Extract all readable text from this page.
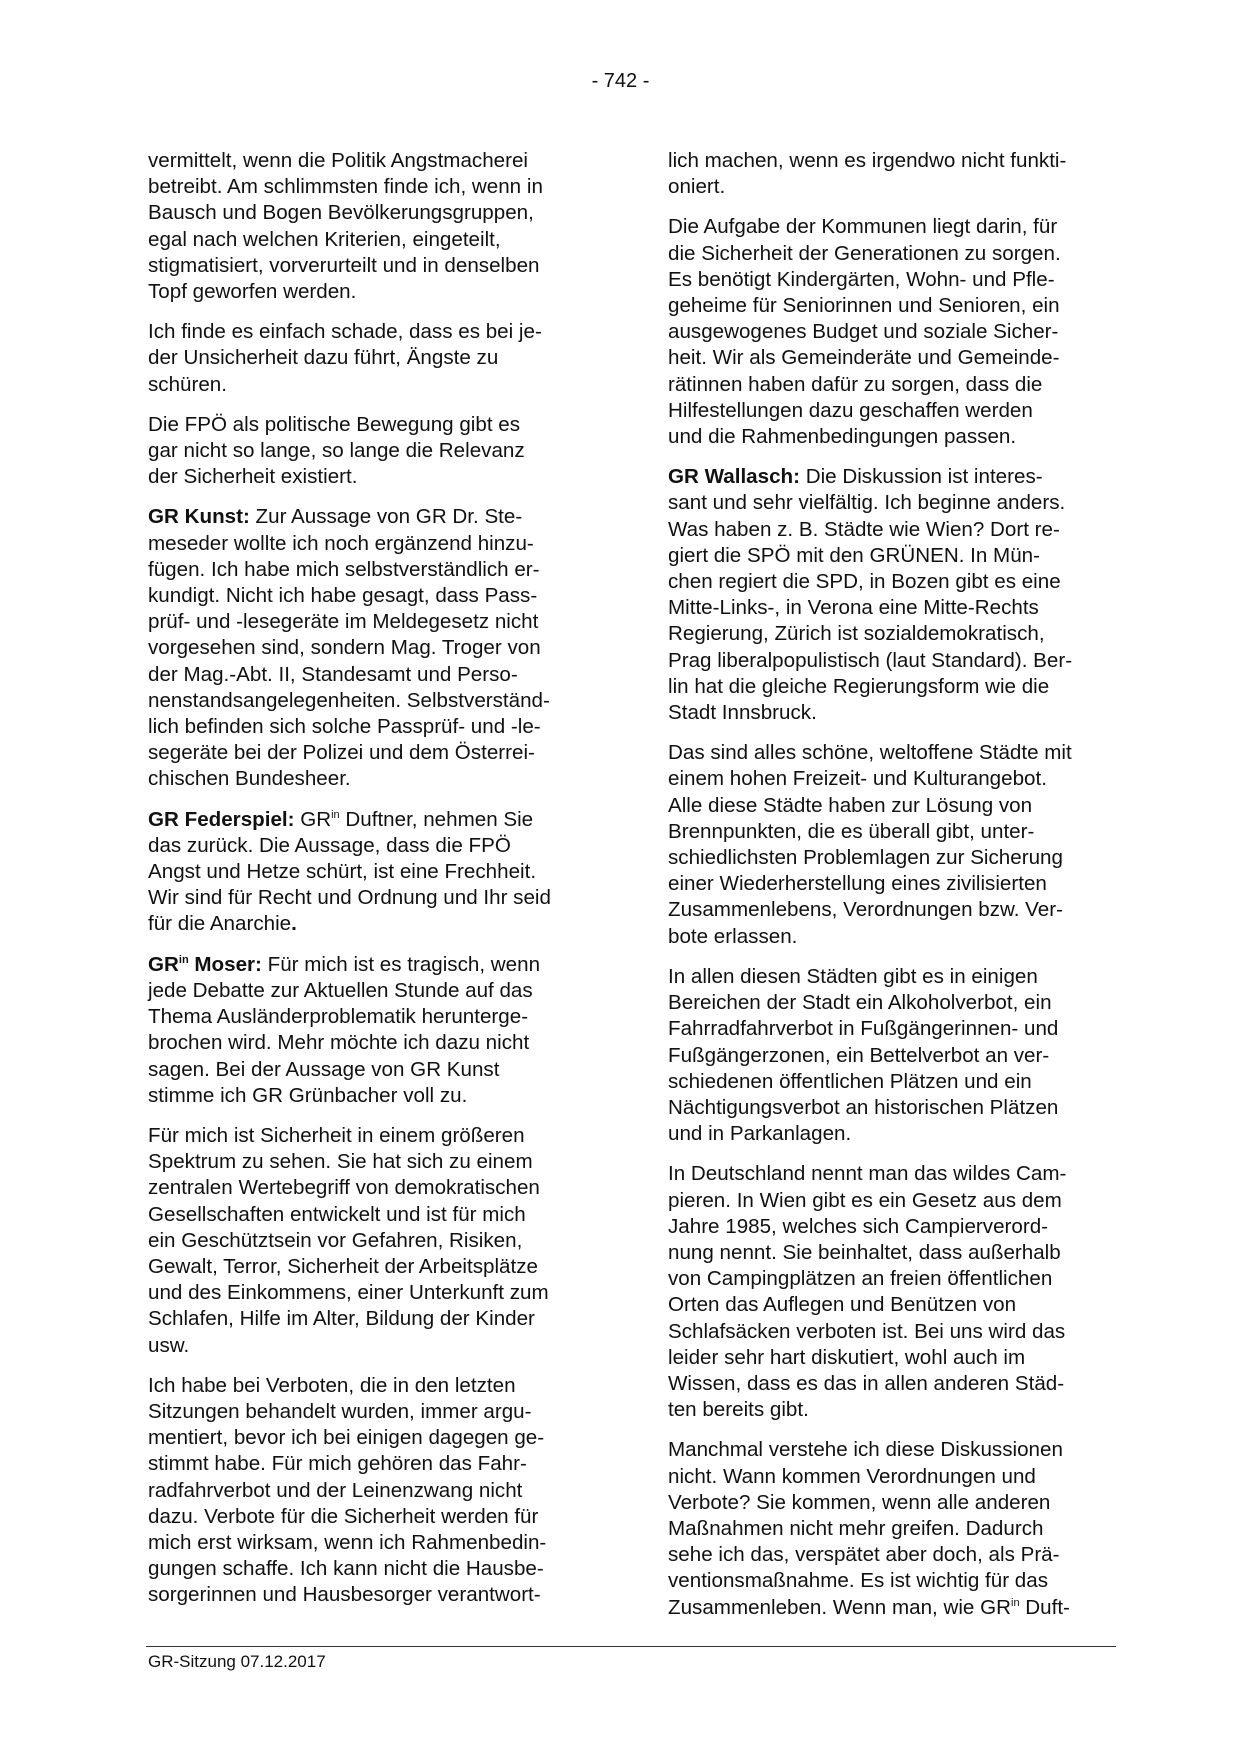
- 742 -

vermittelt, wenn die Politik Angstmacherei
betreibt. Am schlimmsten finde ich, wenn in
Bausch und Bogen Bevölkerungsgruppen,
egal nach welchen Kriterien, eingeteilt,
stigmatisiert, vorverurteilt und in denselben
Topf geworfen werden.

Ich finde es einfach schade, dass es bei je-
der Unsicherheit dazu führt, Ängste zu
schüren.

Die FPÖ als politische Bewegung gibt es
gar nicht so lange, so lange die Relevanz
der Sicherheit existiert.

GR Kunst: Zur Aussage von GR Dr. Ste-
meseder wollte ich noch ergänzend hinzu-
fügen. Ich habe mich selbstverständlich er-
kundigt. Nicht ich habe gesagt, dass Pass-
prüf- und -lesegeräte im Meldegesetz nicht
vorgesehen sind, sondern Mag. Troger von
der Mag.-Abt. II, Standesamt und Perso-
nenstandsangelegenheiten. Selbstverständ-
lich befinden sich solche Passprüf- und -le-
segeräte bei der Polizei und dem Österrei-
chischen Bundesheer.

GR Federspiel: $GR^{in}$ Duftner, nehmen Sie
das zurück. Die Aussage, dass die FPÖ
Angst und Hetze schürt, ist eine Frechheit.
Wir sind für Recht und Ordnung und Ihr seid
für die Anarchie.

$GR^{in}$ Moser: Für mich ist es tragisch, wenn
jede Debatte zur Aktuellen Stunde auf das
Thema Ausländerproblematik herunterge-
brochen wird. Mehr möchte ich dazu nicht
sagen. Bei der Aussage von GR Kunst
stimme ich GR Grünbacher voll zu.

Für mich ist Sicherheit in einem größeren
Spektrum zu sehen. Sie hat sich zu einem
zentralen Wertebegriff von demokratischen
Gesellschaften entwickelt und ist für mich
ein Geschütztsein vor Gefahren, Risiken,
Gewalt, Terror, Sicherheit der Arbeitsplätze
und des Einkommens, einer Unterkunft zum
Schlafen, Hilfe im Alter, Bildung der Kinder
usw.

Ich habe bei Verboten, die in den letzten
Sitzungen behandelt wurden, immer argu-
mentiert, bevor ich bei einigen dagegen ge-
stimmt habe. Für mich gehören das Fahr-
radfahrverbot und der Leinenzwang nicht
dazu. Verbote für die Sicherheit werden für
mich erst wirksam, wenn ich Rahmenbedin-
gungen schaffe. Ich kann nicht die Hausbe-
sorgerinnen und Hausbesorger verantwort-

lich machen, wenn es irgendwo nicht funkti-
oniert.

Die Aufgabe der Kommunen liegt darin, für
die Sicherheit der Generationen zu sorgen.
Es benötigt Kindergärten, Wohn- und Pfle-
geheime für Seniorinnen und Senioren, ein
ausgewogenes Budget und soziale Sicher-
heit. Wir als Gemeinderäte und Gemeinde-
rätinnen haben dafür zu sorgen, dass die
Hilfestellungen dazu geschaffen werden
und die Rahmenbedingungen passen.

GR Wallasch: Die Diskussion ist interes-
sant und sehr vielfältig. Ich beginne anders.
Was haben z. B. Städte wie Wien? Dort re-
giert die SPÖ mit den GRÜNEN. In Mün-
chen regiert die SPD, in Bozen gibt es eine
Mitte-Links-, in Verona eine Mitte-Rechts
Regierung, Zürich ist sozialdemokratisch,
Prag liberalpopulistisch (laut Standard). Ber-
lin hat die gleiche Regierungsform wie die
Stadt Innsbruck.

Das sind alles schöne, weltoffene Städte mit
einem hohen Freizeit- und Kulturangebot.
Alle diese Städte haben zur Lösung von
Brennpunkten, die es überall gibt, unter-
schiedlichsten Problemlagen zur Sicherung
einer Wiederherstellung eines zivilisierten
Zusammenlebens, Verordnungen bzw. Ver-
bote erlassen.

In allen diesen Städten gibt es in einigen
Bereichen der Stadt ein Alkoholverbot, ein
Fahrradfahrverbot in Fußgängerinnen- und
Fußgängerzonen, ein Bettelverbot an ver-
schiedenen öffentlichen Plätzen und ein
Nächtigungsverbot an historischen Plätzen
und in Parkanlagen.

In Deutschland nennt man das wildes Cam-
pieren. In Wien gibt es ein Gesetz aus dem
Jahre 1985, welches sich Campierverord-
nung nennt. Sie beinhaltet, dass außerhalb
von Campingplätzen an freien öffentlichen
Orten das Auflegen und Benützen von
Schlafsäcken verboten ist. Bei uns wird das
leider sehr hart diskutiert, wohl auch im
Wissen, dass es das in allen anderen Städ-
ten bereits gibt.

Manchmal verstehe ich diese Diskussionen
nicht. Wann kommen Verordnungen und
Verbote? Sie kommen, wenn alle anderen
Maßnahmen nicht mehr greifen. Dadurch
sehe ich das, verspätet aber doch, als Prä-
ventionsmaßnahme. Es ist wichtig für das
Zusammenleben. Wenn man, wie $GR^{in}$ Duft-

GR-Sitzung 07.12.2017
